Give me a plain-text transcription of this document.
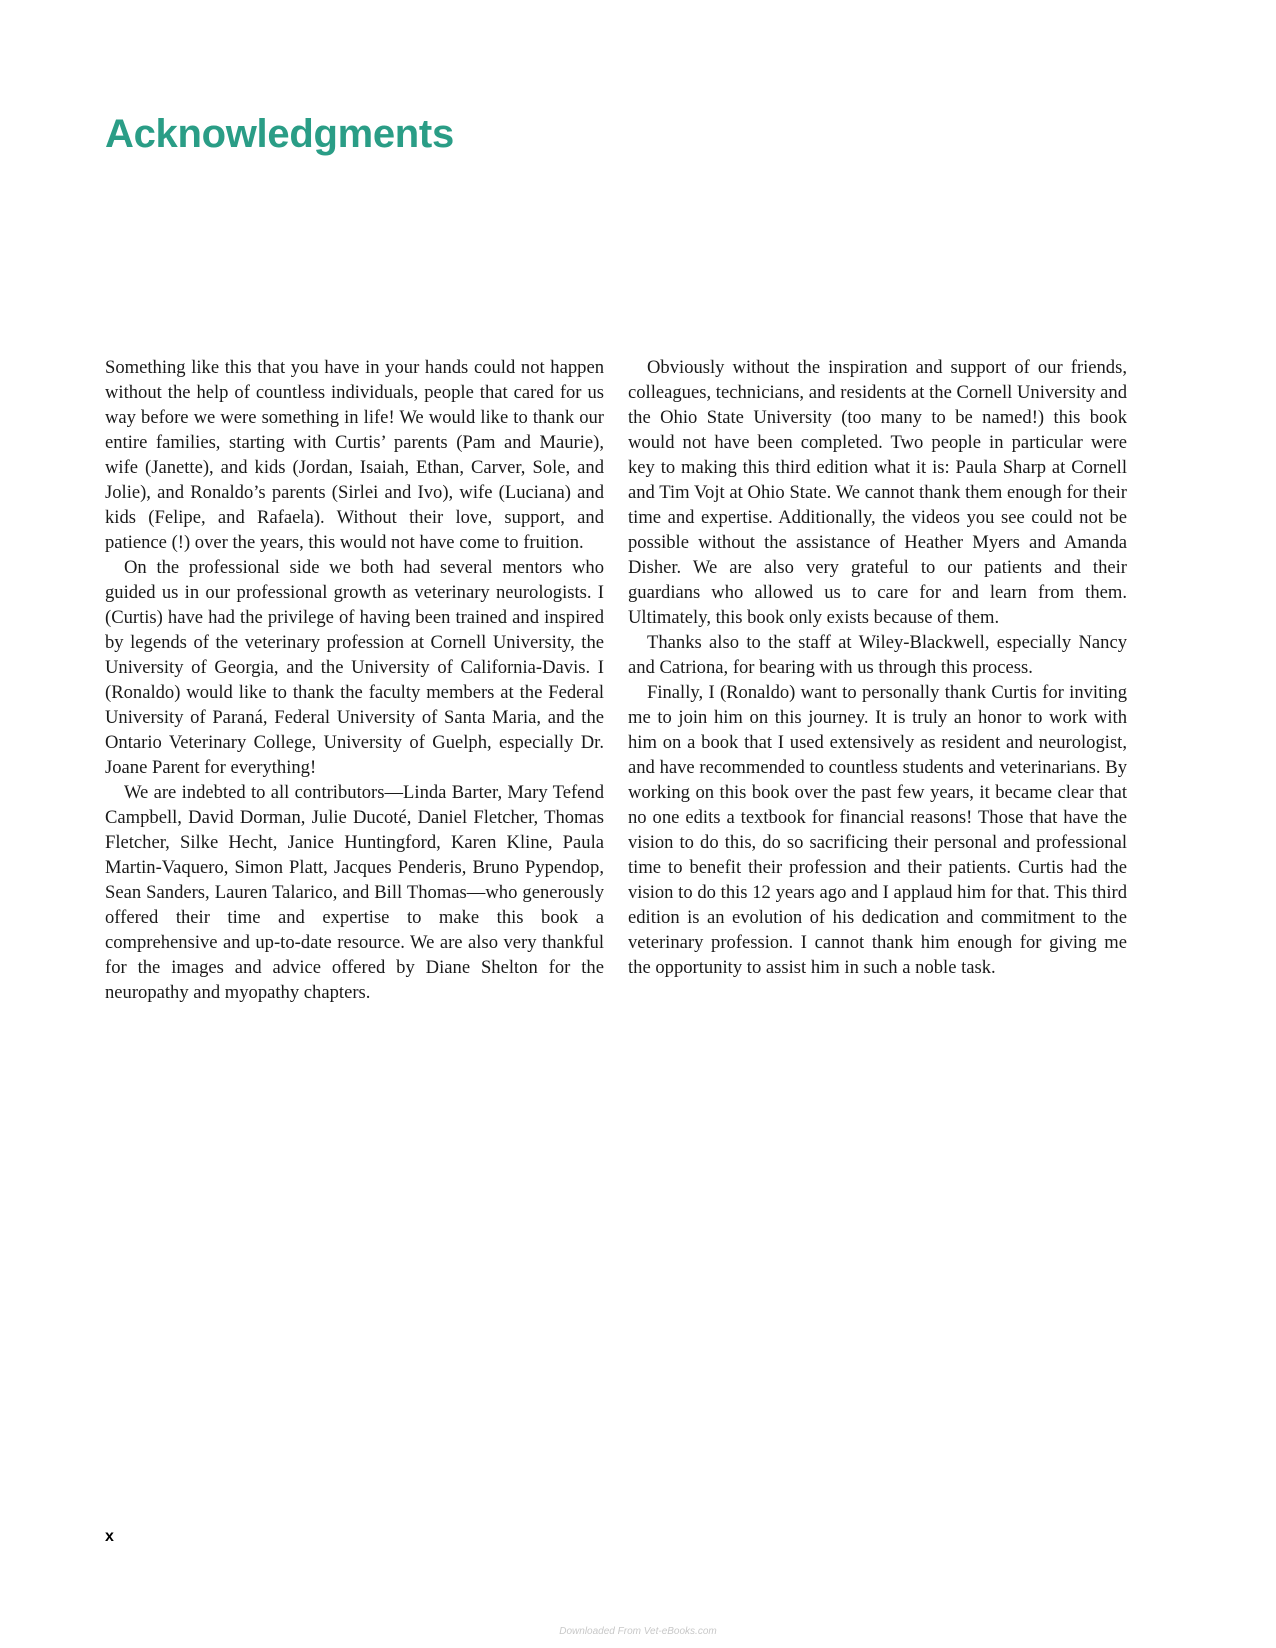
Acknowledgments

Something like this that you have in your hands could not happen without the help of countless individuals, people that cared for us way before we were something in life! We would like to thank our entire families, starting with Curtis’ parents (Pam and Maurie), wife (Janette), and kids (Jordan, Isaiah, Ethan, Carver, Sole, and Jolie), and Ronaldo’s parents (Sirlei and Ivo), wife (Luciana) and kids (Felipe, and Rafaela). Without their love, support, and patience (!) over the years, this would not have come to fruition.

On the professional side we both had several mentors who guided us in our professional growth as veterinary neurologists. I (Curtis) have had the privilege of having been trained and inspired by legends of the veterinary profession at Cornell University, the University of Georgia, and the University of California-Davis. I (Ronaldo) would like to thank the faculty members at the Federal University of Paraná, Federal University of Santa Maria, and the Ontario Veterinary College, University of Guelph, especially Dr. Joane Parent for everything!

We are indebted to all contributors—Linda Barter, Mary Tefend Campbell, David Dorman, Julie Ducoté, Daniel Fletcher, Thomas Fletcher, Silke Hecht, Janice Huntingford, Karen Kline, Paula Martin-Vaquero, Simon Platt, Jacques Penderis, Bruno Pypendop, Sean Sanders, Lauren Talarico, and Bill Thomas—who generously offered their time and expertise to make this book a comprehensive and up-to-date resource. We are also very thankful for the images and advice offered by Diane Shelton for the neuropathy and myopathy chapters.

Obviously without the inspiration and support of our friends, colleagues, technicians, and residents at the Cornell University and the Ohio State University (too many to be named!) this book would not have been completed. Two people in particular were key to making this third edition what it is: Paula Sharp at Cornell and Tim Vojt at Ohio State. We cannot thank them enough for their time and expertise. Additionally, the videos you see could not be possible without the assistance of Heather Myers and Amanda Disher. We are also very grateful to our patients and their guardians who allowed us to care for and learn from them. Ultimately, this book only exists because of them.

Thanks also to the staff at Wiley-Blackwell, especially Nancy and Catriona, for bearing with us through this process.

Finally, I (Ronaldo) want to personally thank Curtis for inviting me to join him on this journey. It is truly an honor to work with him on a book that I used extensively as resident and neurologist, and have recommended to countless students and veterinarians. By working on this book over the past few years, it became clear that no one edits a textbook for financial reasons! Those that have the vision to do this, do so sacrificing their personal and professional time to benefit their profession and their patients. Curtis had the vision to do this 12 years ago and I applaud him for that. This third edition is an evolution of his dedication and commitment to the veterinary profession. I cannot thank him enough for giving me the opportunity to assist him in such a noble task.

x
Downloaded From Vet-eBooks.com
